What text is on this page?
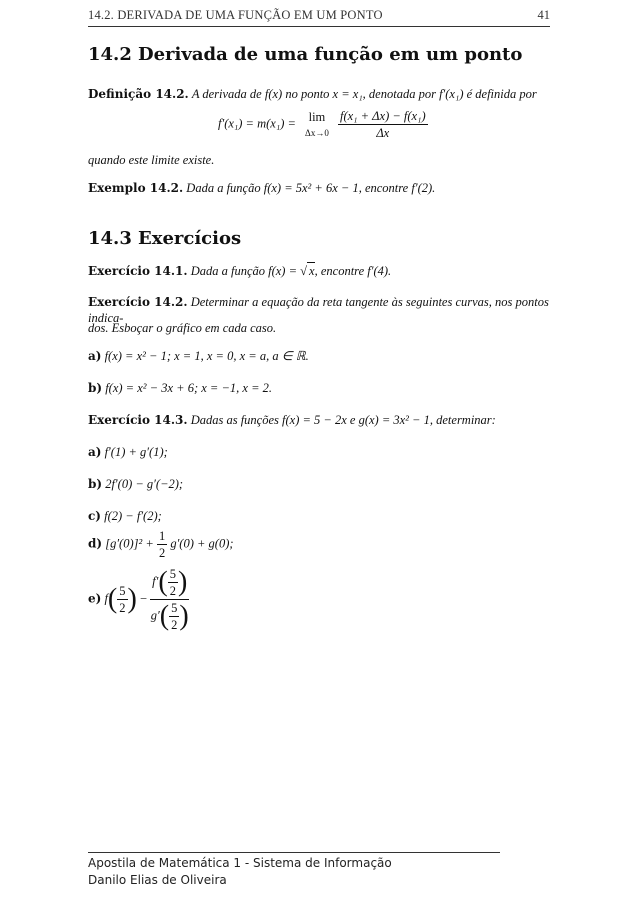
14.2. DERIVADA DE UMA FUNÇÃO EM UM PONTO	41
14.2 Derivada de uma função em um ponto
Definição 14.2. A derivada de f(x) no ponto x = x₁, denotada por f′(x₁) é definida por
f′(x₁) = m(x₁) = lim
Δx→0
$\frac{\text{f(x₁ + Δx) − f(x₁)}}{\Delta x}$
quando este limite existe.
Exemplo 14.2. Dada a função f(x) = 5x² + 6x − 1, encontre f′(2).
14.3 Exercícios
Exercício 14.1. Dada a função f(x) = √ x, encontre f′(4).
Exercício 14.2. Determinar a equação da reta tangente às seguintes curvas, nos pontos indica-
dos. Esboçar o gráfico em cada caso.
a) f(x) = x² − 1; x = 1, x = 0, x = a, a ∈ ℝ.
b) f(x) = x² − 3x + 6; x = −1, x = 2.
Exercício 14.3. Dadas as funções f(x) = 5 − 2x e g(x) = 3x² − 1, determinar:
a) f′(1) + g′(1);
b) 2f′(0) − g′(−2);
c) f(2) − f′(2);
d) $[g'(0)]^2 + \frac{1}{2} g'(0) + g(0)$;
e) $f( \frac{5}{2}$ ) − $\frac{f'( \frac{5}{2} )}{g'( \frac{5}{2} )}$
Apostila de Matemática 1 - Sistema de Informação
Danilo Elias de Oliveira
